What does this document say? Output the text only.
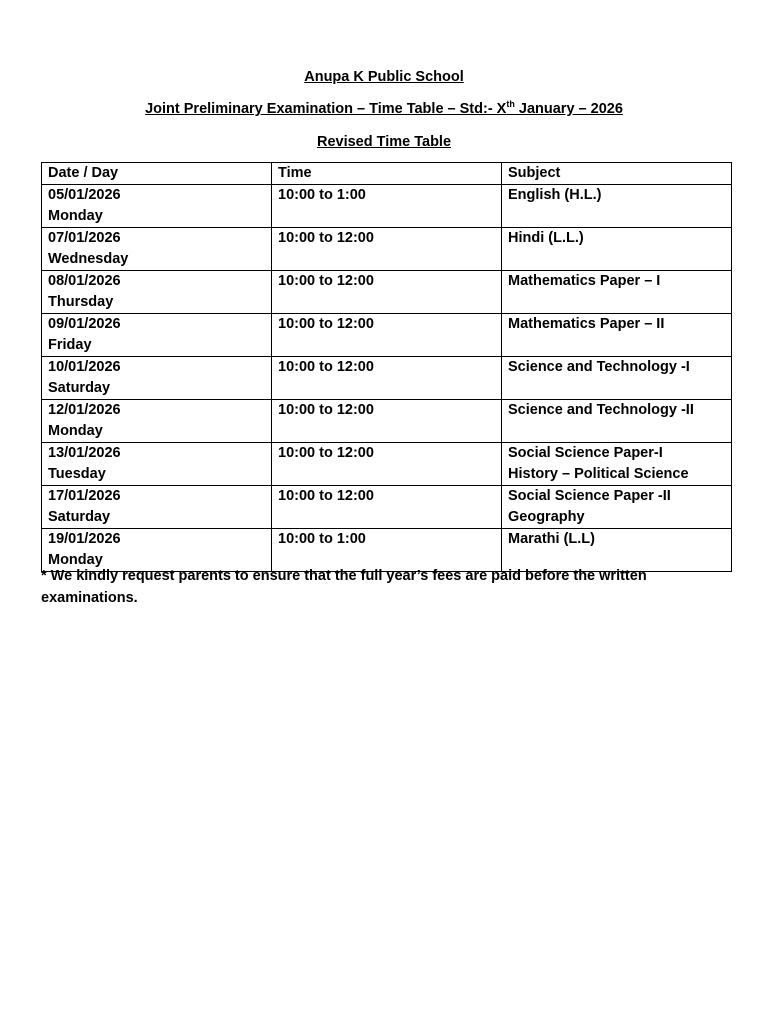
Anupa K Public School
Joint Preliminary Examination – Time Table – Std:- Xth January – 2026
Revised Time Table
Date / Day	Time	Subject

05/01/2026
Monday	10:00 to 1:00	English (H.L.)

07/01/2026
Wednesday	10:00 to 12:00	Hindi (L.L.)

08/01/2026
Thursday	10:00 to 12:00	Mathematics Paper – I

09/01/2026
Friday	10:00 to 12:00	Mathematics Paper – II

10/01/2026
Saturday	10:00 to 12:00	Science and Technology -I

12/01/2026
Monday	10:00 to 12:00	Science and Technology -II

13/01/2026
Tuesday	10:00 to 12:00	Social Science Paper-I
History – Political Science

17/01/2026
Saturday	10:00 to 12:00	Social Science Paper -II
Geography

19/01/2026
Monday	10:00 to 1:00	Marathi (L.L)
* We kindly request parents to ensure that the full year’s fees are paid before the written examinations.
